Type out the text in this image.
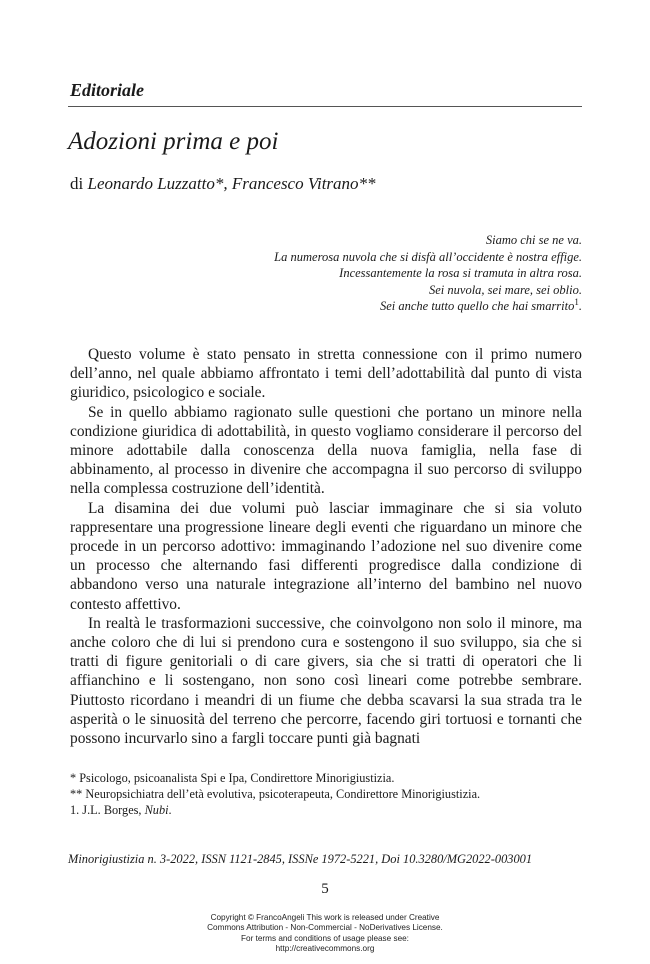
Editoriale
Adozioni prima e poi
di Leonardo Luzzatto*, Francesco Vitrano**
Siamo chi se ne va.
La numerosa nuvola che si disfà all’occidente è nostra effige.
Incessantemente la rosa si tramuta in altra rosa.
Sei nuvola, sei mare, sei oblio.
Sei anche tutto quello che hai smarrito$^1$.

Questo volume è stato pensato in stretta connessione con il primo numero dell’anno, nel quale abbiamo affrontato i temi dell’adottabilità dal punto di vista giuridico, psicologico e sociale.

Se in quello abbiamo ragionato sulle questioni che portano un minore nella condizione giuridica di adottabilità, in questo vogliamo considerare il percorso del minore adottabile dalla conoscenza della nuova famiglia, nella fase di abbinamento, al processo in divenire che accompagna il suo percorso di sviluppo nella complessa costruzione dell’identità.

La disamina dei due volumi può lasciar immaginare che si sia voluto rappresentare una progressione lineare degli eventi che riguardano un minore che procede in un percorso adottivo: immaginando l’adozione nel suo divenire come un processo che alternando fasi differenti progredisce dalla condizione di abbandono verso una naturale integrazione all’interno del bambino nel nuovo contesto affettivo.

In realtà le trasformazioni successive, che coinvolgono non solo il minore, ma anche coloro che di lui si prendono cura e sostengono il suo sviluppo, sia che si tratti di figure genitoriali o di care givers, sia che si tratti di operatori che li affianchino e li sostengano, non sono così lineari come potrebbe sembrare. Piuttosto ricordano i meandri di un fiume che debba scavarsi la sua strada tra le asperità o le sinuosità del terreno che percorre, facendo giri tortuosi e tornanti che possono incurvarlo sino a fargli toccare punti già bagnati

* Psicologo, psicoanalista Spi e Ipa, Condirettore Minorigiustizia.
** Neuropsichiatra dell’età evolutiva, psicoterapeuta, Condirettore Minorigiustizia.
1. J.L. Borges, Nubi.
Minorigiustizia n. 3-2022, ISSN 1121-2845, ISSNe 1972-5221, Doi 10.3280/MG2022-003001
5
Copyright © FrancoAngeli This work is released under Creative
Commons Attribution - Non-Commercial - NoDerivatives License.
For terms and conditions of usage please see:
http://creativecommons.org
